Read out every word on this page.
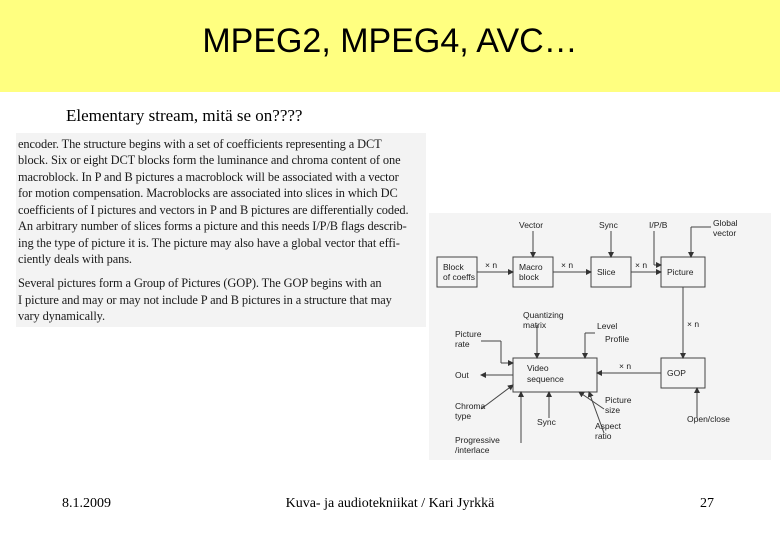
MPEG2, MPEG4, AVC…
Elementary stream, mitä se on????
encoder. The structure begins with a set of coefficients representing a DCT
block. Six or eight DCT blocks form the luminance and chroma content of one
macroblock. In P and B pictures a macroblock will be associated with a vector
for motion compensation. Macroblocks are associated into slices in which DC
coefficients of I pictures and vectors in P and B pictures are differentially coded.
An arbitrary number of slices forms a picture and this needs I/P/B flags describ-
ing the type of picture it is. The picture may also have a global vector that effi-
ciently deals with pans.
Several pictures form a Group of Pictures (GOP). The GOP begins with an
I picture and may or may not include P and B pictures in a structure that may
vary dynamically.
Vector	Sync	I/P/B	Global
vector
Block
of coeffs
Macro
block	Slice	Picture
× n	× n	× n
× n
× n
Quantizing
matrix	Level
Profile
Picture
rate
GOP
Video
sequence
Out
Chroma
type
Progressive
/interlace
Sync
Picture
size
Aspect
ratio
Open/close
8.1.2009	Kuva- ja audiotekniikat / Kari Jyrkkä	27
